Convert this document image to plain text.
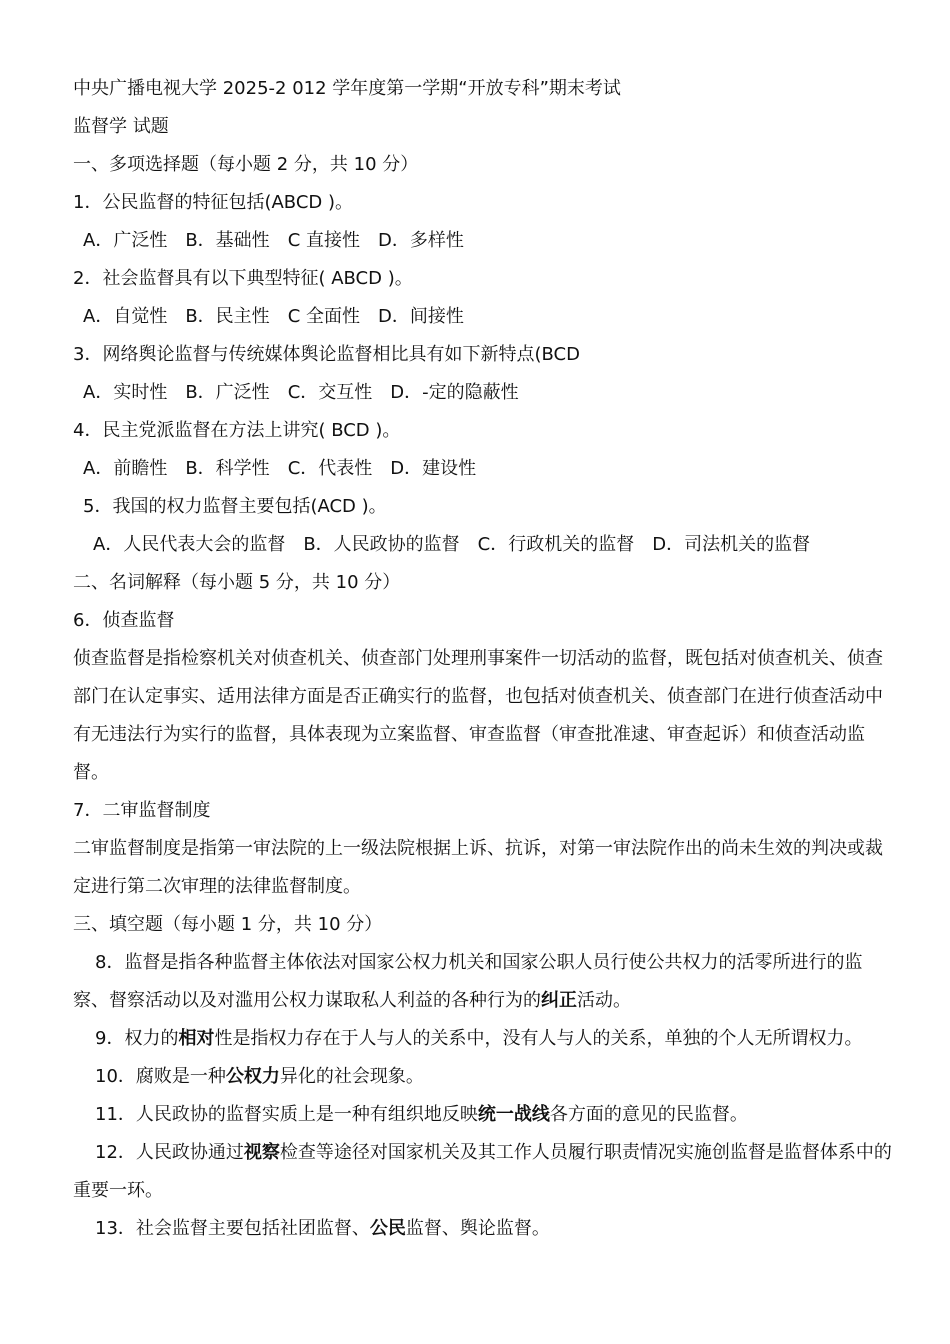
中央广播电视大学 2025-2 012 学年度第一学期“开放专科”期末考试
监督学 试题
一、多项选择题（每小题 2 分，共 10 分）
1．公民监督的特征包括(ABCD )。
A．广泛性 B．基础性 C 直接性 D．多样性
2．社会监督具有以下典型特征( ABCD )。
A．自觉性 B．民主性 C 全面性 D．间接性
3．网络舆论监督与传统媒体舆论监督相比具有如下新特点(BCD
A．实时性 B．广泛性 C．交互性 D．-定的隐蔽性
4．民主党派监督在方法上讲究( BCD )。
A．前瞻性 B．科学性 C．代表性 D．建设性
5．我国的权力监督主要包括(ACD )。
A．人民代表大会的监督 B．人民政协的监督 C．行政机关的监督 D．司法机关的监督
二、名词解释（每小题 5 分，共 10 分）
6．侦查监督
侦查监督是指检察机关对侦查机关、侦查部门处理刑事案件一切活动的监督，既包括对侦查机关、侦查部门在认定事实、适用法律方面是否正确实行的监督，也包括对侦查机关、侦查部门在进行侦查活动中有无违法行为实行的监督，具体表现为立案监督、审查监督（审查批准逮、审查起诉）和侦查活动监督。
7．二审监督制度
二审监督制度是指第一审法院的上一级法院根据上诉、抗诉，对第一审法院作出的尚未生效的判决或裁定进行第二次审理的法律监督制度。
三、填空题（每小题 1 分，共 10 分）
8．监督是指各种监督主体依法对国家公权力机关和国家公职人员行使公共权力的活零所进行的监察、督察活动以及对滥用公权力谋取私人利益的各种行为的纠正活动。
9．权力的相对性是指权力存在于人与人的关系中，没有人与人的关系，单独的个人无所谓权力。
10．腐败是一种公权力异化的社会现象。
11．人民政协的监督实质上是一种有组织地反映统一战线各方面的意见的民监督。
12．人民政协通过视察检查等途径对国家机关及其工作人员履行职责情况实施创监督是监督体系中的重要一环。
13．社会监督主要包括社团监督、公民监督、舆论监督。
